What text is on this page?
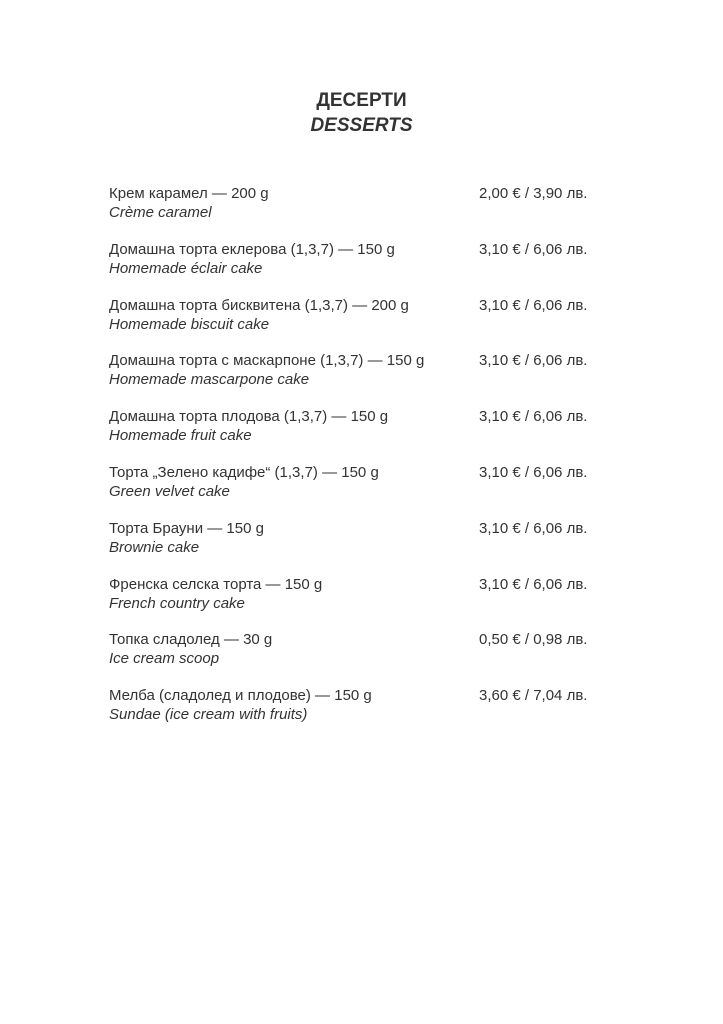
ДЕСЕРТИ
DESSERTS
Крем карамел — 200 g
Crème caramel
2,00 € / 3,90 лв.
Домашна торта еклерова (1,3,7) — 150 g
Homemade éclair cake
3,10 € / 6,06 лв.
Домашна торта бисквитена (1,3,7) — 200 g
Homemade biscuit cake
3,10 € / 6,06 лв.
Домашна торта с маскарпоне (1,3,7) — 150 g
Homemade mascarpone cake
3,10 € / 6,06 лв.
Домашна торта плодова (1,3,7) — 150 g
Homemade fruit cake
3,10 € / 6,06 лв.
Торта „Зелено кадифе“ (1,3,7) — 150 g
Green velvet cake
3,10 € / 6,06 лв.
Торта Брауни — 150 g
Brownie cake
3,10 € / 6,06 лв.
Френска селска торта — 150 g
French country cake
3,10 € / 6,06 лв.
Топка сладолед — 30 g
Ice cream scoop
0,50 € / 0,98 лв.
Мелба (сладолед и плодове) — 150 g
Sundae (ice cream with fruits)
3,60 € / 7,04 лв.
